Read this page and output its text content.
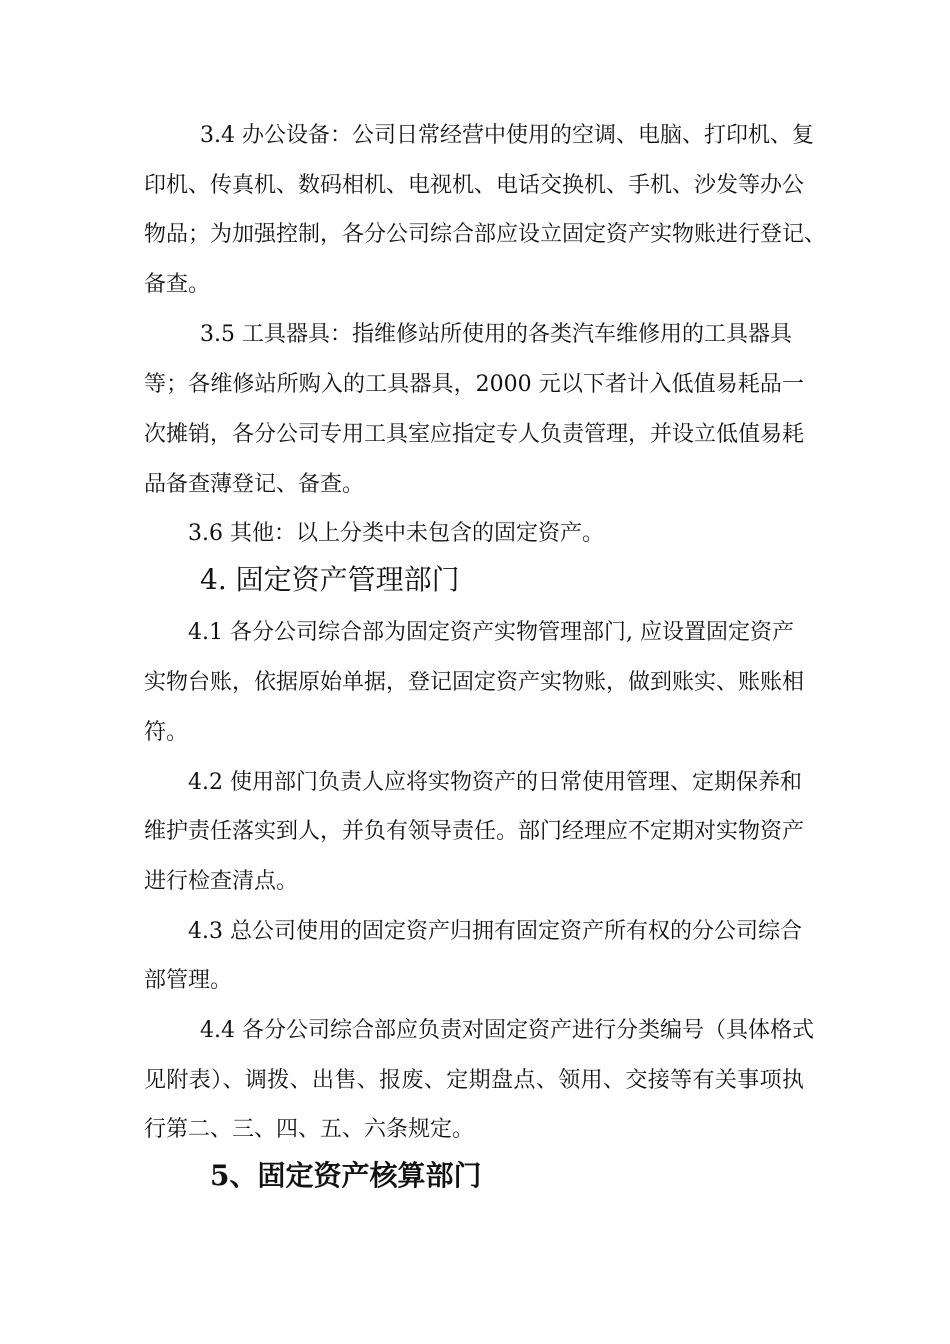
3.4 办公设备：公司日常经营中使用的空调、电脑、打印机、复
印机、传真机、数码相机、电视机、电话交换机、手机、沙发等办公
物品；为加强控制，各分公司综合部应设立固定资产实物账进行登记、
备查。
3.5 工具器具：指维修站所使用的各类汽车维修用的工具器具
等；各维修站所购入的工具器具，2000 元以下者计入低值易耗品一
次摊销，各分公司专用工具室应指定专人负责管理，并设立低值易耗
品备查薄登记、备查。
3.6 其他：以上分类中未包含的固定资产。
4. 固定资产管理部门
4.1 各分公司综合部为固定资产实物管理部门, 应设置固定资产
实物台账，依据原始单据，登记固定资产实物账，做到账实、账账相
符。
4.2 使用部门负责人应将实物资产的日常使用管理、定期保养和
维护责任落实到人，并负有领导责任。部门经理应不定期对实物资产
进行检查清点。
4.3 总公司使用的固定资产归拥有固定资产所有权的分公司综合
部管理。
4.4 各分公司综合部应负责对固定资产进行分类编号（具体格式
见附表）、调拨、出售、报废、定期盘点、领用、交接等有关事项执
行第二、三、四、五、六条规定。
5、固定资产核算部门
